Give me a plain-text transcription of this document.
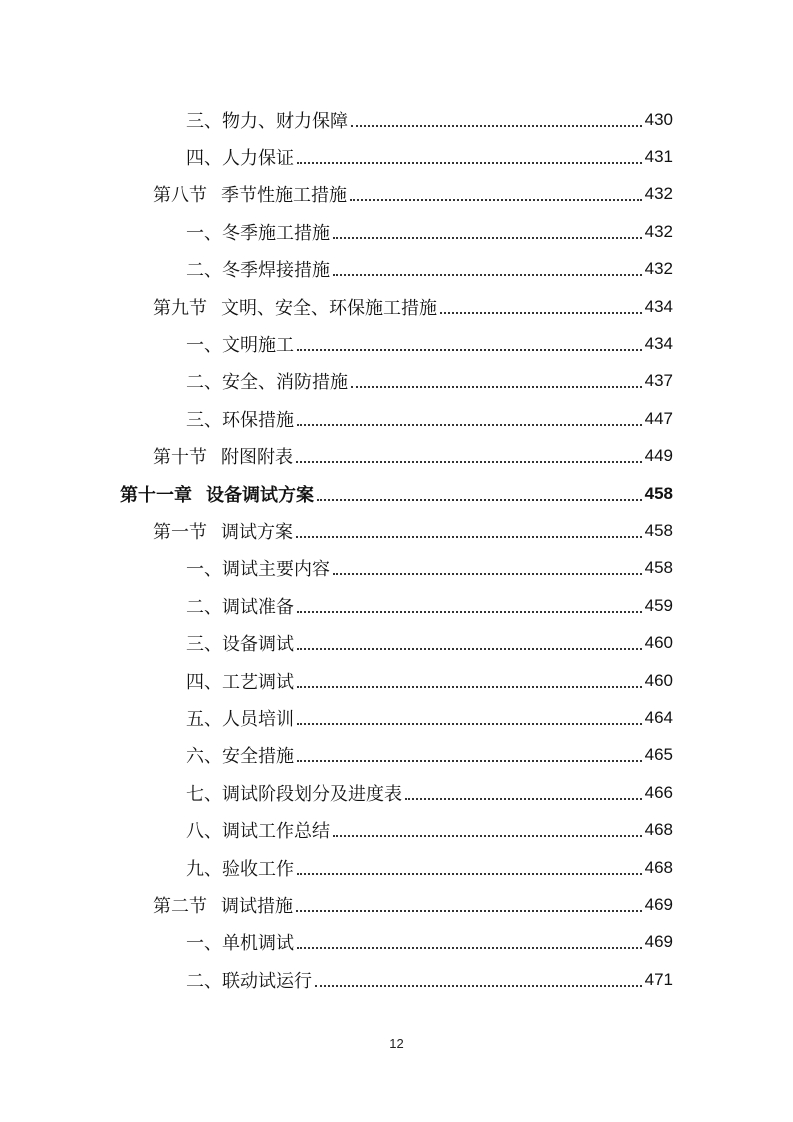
三、 物力、财力保障	430
四、 人力保证	431
第八节 季节性施工措施	432
一、 冬季施工措施	432
二、 冬季焊接措施	432
第九节 文明、安全、环保施工措施	434
一、 文明施工	434
二、 安全、消防措施	437
三、 环保措施	447
第十节 附图附表	449
第十一章 设备调试方案	458
第一节 调试方案	458
一、 调试主要内容	458
二、 调试准备	459
三、 设备调试	460
四、 工艺调试	460
五、 人员培训	464
六、 安全措施	465
七、 调试阶段划分及进度表	466
八、 调试工作总结	468
九、 验收工作	468
第二节 调试措施	469
一、 单机调试	469
二、 联动试运行	471
12
